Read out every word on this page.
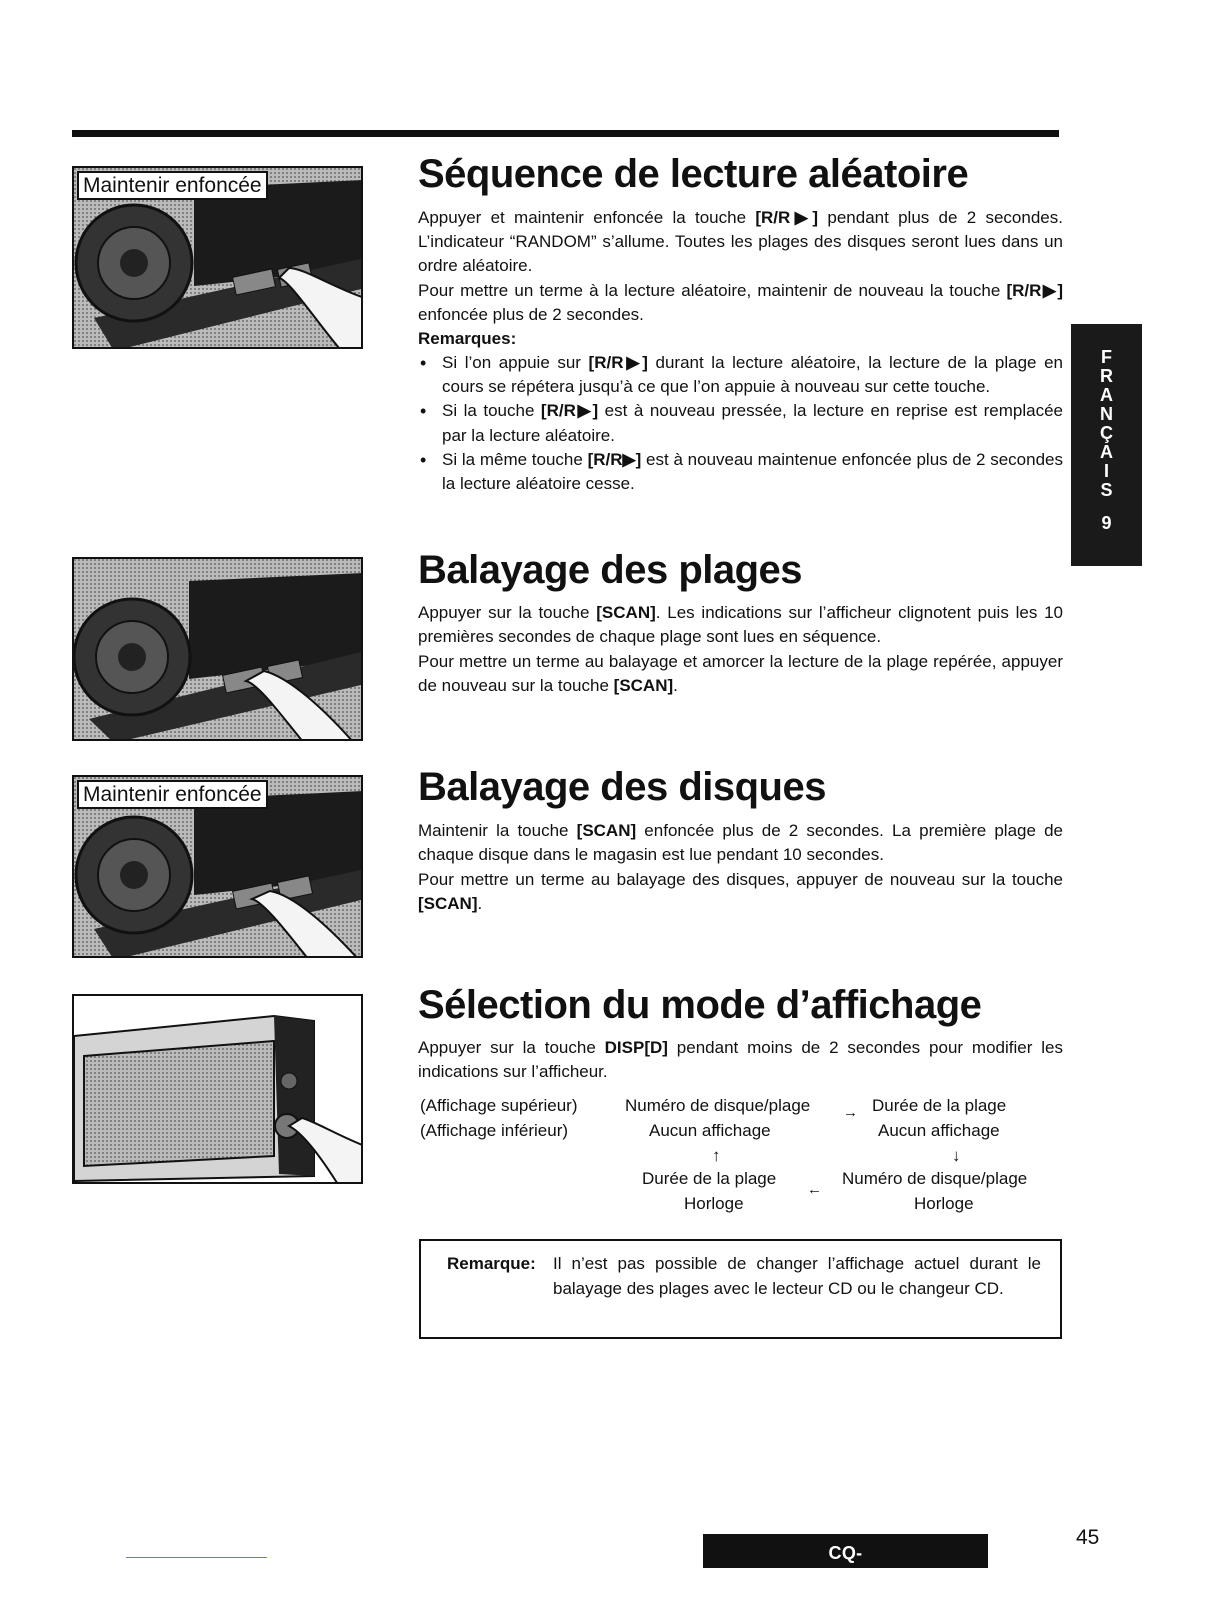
F
R
A
N
Ç
A
I
S
9
Maintenir enfoncée
Maintenir enfoncée
Séquence de lecture aléatoire

Appuyer et maintenir enfoncée la touche [R/R▶] pendant plus de 2 secondes. L’indicateur “RANDOM” s’allume. Toutes les plages des disques seront lues dans un ordre aléatoire.

Pour mettre un terme à la lecture aléatoire, maintenir de nouveau la touche [R/R▶] enfoncée plus de 2 secondes.

Remarques:

• Si l’on appuie sur [R/R▶] durant la lecture aléatoire, la lecture de la plage en cours se répétera jusqu’à ce que l’on appuie à nouveau sur cette touche.
• Si la touche [R/R▶] est à nouveau pressée, la lecture en reprise est remplacée par la lecture aléatoire.
• Si la même touche [R/R▶] est à nouveau maintenue enfoncée plus de 2 secondes la lecture aléatoire cesse.
Balayage des plages

Appuyer sur la touche [SCAN]. Les indications sur l’afficheur clignotent puis les 10 premières secondes de chaque plage sont lues en séquence.

Pour mettre un terme au balayage et amorcer la lecture de la plage repérée, appuyer de nouveau sur la touche [SCAN].

Balayage des disques

Maintenir la touche [SCAN] enfoncée plus de 2 secondes. La première plage de chaque disque dans le magasin est lue pendant 10 secondes.

Pour mettre un terme au balayage des disques, appuyer de nouveau sur la touche [SCAN].

Sélection du mode d’affichage

Appuyer sur la touche DISP[D] pendant moins de 2 secondes pour modifier les indications sur l’afficheur.

(Affichage supérieur)
(Affichage inférieur)
Numéro de disque/plage
Aucun affichage
→ Durée de la plage
Aucun affichage
↑	↓
Durée de la plage
Horloge
←
Numéro de disque/plage
Horloge
Remarque: Il n’est pas possible de changer l’affichage actuel durant le balayage des plages avec le lecteur CD ou le changeur CD.
CQ-DFX77/DFX55/DF66/DF44EUC
45
